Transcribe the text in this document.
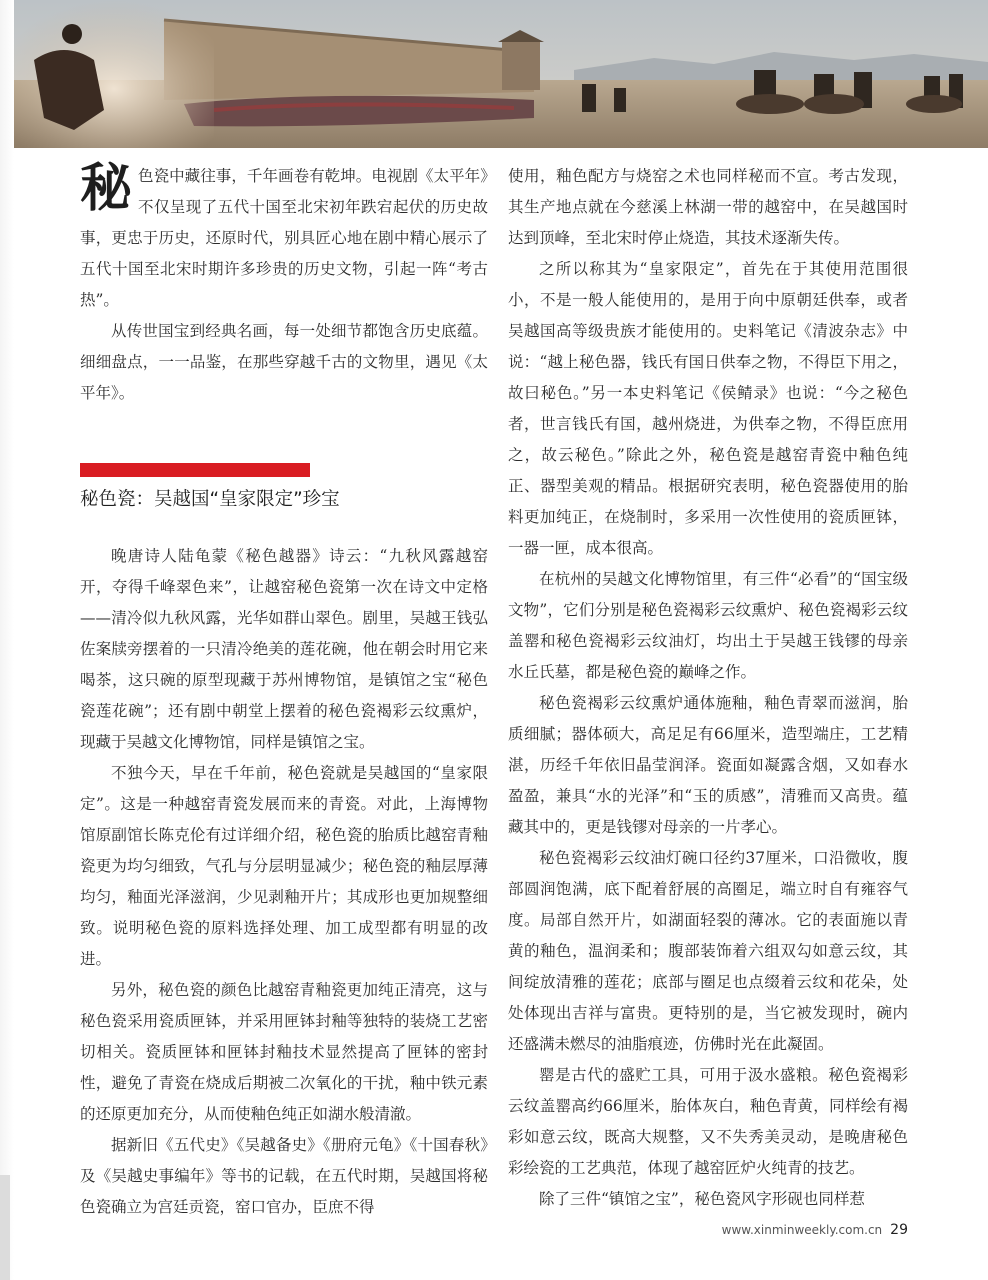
秘色瓷中藏往事，千年画卷有乾坤。电视剧《太平年》不仅呈现了五代十国至北宋初年跌宕起伏的历史故事，更忠于历史，还原时代，别具匠心地在剧中精心展示了五代十国至北宋时期许多珍贵的历史文物，引起一阵“考古热”。

从传世国宝到经典名画，每一处细节都饱含历史底蕴。细细盘点，一一品鉴，在那些穿越千古的文物里，遇见《太平年》。

秘色瓷：吴越国“皇家限定”珍宝

晚唐诗人陆龟蒙《秘色越器》诗云：“九秋风露越窑开，夺得千峰翠色来”，让越窑秘色瓷第一次在诗文中定格——清冷似九秋风露，光华如群山翠色。剧里，吴越王钱弘佐案牍旁摆着的一只清冷绝美的莲花碗，他在朝会时用它来喝茶，这只碗的原型现藏于苏州博物馆，是镇馆之宝“秘色瓷莲花碗”；还有剧中朝堂上摆着的秘色瓷褐彩云纹熏炉，现藏于吴越文化博物馆，同样是镇馆之宝。

不独今天，早在千年前，秘色瓷就是吴越国的“皇家限定”。这是一种越窑青瓷发展而来的青瓷。对此，上海博物馆原副馆长陈克伦有过详细介绍，秘色瓷的胎质比越窑青釉瓷更为均匀细致，气孔与分层明显减少；秘色瓷的釉层厚薄均匀，釉面光泽滋润，少见剥釉开片；其成形也更加规整细致。说明秘色瓷的原料选择处理、加工成型都有明显的改进。

另外，秘色瓷的颜色比越窑青釉瓷更加纯正清亮，这与秘色瓷采用瓷质匣钵，并采用匣钵封釉等独特的装烧工艺密切相关。瓷质匣钵和匣钵封釉技术显然提高了匣钵的密封性，避免了青瓷在烧成后期被二次氧化的干扰，釉中铁元素的还原更加充分，从而使釉色纯正如湖水般清澈。

据新旧《五代史》《吴越备史》《册府元龟》《十国春秋》及《吴越史事编年》等书的记载，在五代时期，吴越国将秘色瓷确立为宫廷贡瓷，窑口官办，臣庶不得

使用，釉色配方与烧窑之术也同样秘而不宣。考古发现，其生产地点就在今慈溪上林湖一带的越窑中，在吴越国时达到顶峰，至北宋时停止烧造，其技术逐渐失传。

之所以称其为“皇家限定”，首先在于其使用范围很小，不是一般人能使用的，是用于向中原朝廷供奉，或者吴越国高等级贵族才能使用的。史料笔记《清波杂志》中说：“越上秘色器，钱氏有国日供奉之物，不得臣下用之，故曰秘色。”另一本史料笔记《侯鲭录》也说：“今之秘色者，世言钱氏有国，越州烧进，为供奉之物，不得臣庶用之，故云秘色。”除此之外，秘色瓷是越窑青瓷中釉色纯正、器型美观的精品。根据研究表明，秘色瓷器使用的胎料更加纯正，在烧制时，多采用一次性使用的瓷质匣钵，一器一匣，成本很高。

在杭州的吴越文化博物馆里，有三件“必看”的“国宝级文物”，它们分别是秘色瓷褐彩云纹熏炉、秘色瓷褐彩云纹盖罂和秘色瓷褐彩云纹油灯，均出土于吴越王钱镠的母亲水丘氏墓，都是秘色瓷的巅峰之作。

秘色瓷褐彩云纹熏炉通体施釉，釉色青翠而滋润，胎质细腻；器体硕大，高足足有66厘米，造型端庄，工艺精湛，历经千年依旧晶莹润泽。瓷面如凝露含烟，又如春水盈盈，兼具“水的光泽”和“玉的质感”，清雅而又高贵。蕴藏其中的，更是钱镠对母亲的一片孝心。

秘色瓷褐彩云纹油灯碗口径约37厘米，口沿微收，腹部圆润饱满，底下配着舒展的高圈足，端立时自有雍容气度。局部自然开片，如湖面轻裂的薄冰。它的表面施以青黄的釉色，温润柔和；腹部装饰着六组双勾如意云纹，其间绽放清雅的莲花；底部与圈足也点缀着云纹和花朵，处处体现出吉祥与富贵。更特别的是，当它被发现时，碗内还盛满未燃尽的油脂痕迹，仿佛时光在此凝固。

罂是古代的盛贮工具，可用于汲水盛粮。秘色瓷褐彩云纹盖罂高约66厘米，胎体灰白，釉色青黄，同样绘有褐彩如意云纹，既高大规整，又不失秀美灵动，是晚唐秘色彩绘瓷的工艺典范，体现了越窑匠炉火纯青的技艺。

除了三件“镇馆之宝”，秘色瓷风字形砚也同样惹

www.xinminweekly.com.cn 29
